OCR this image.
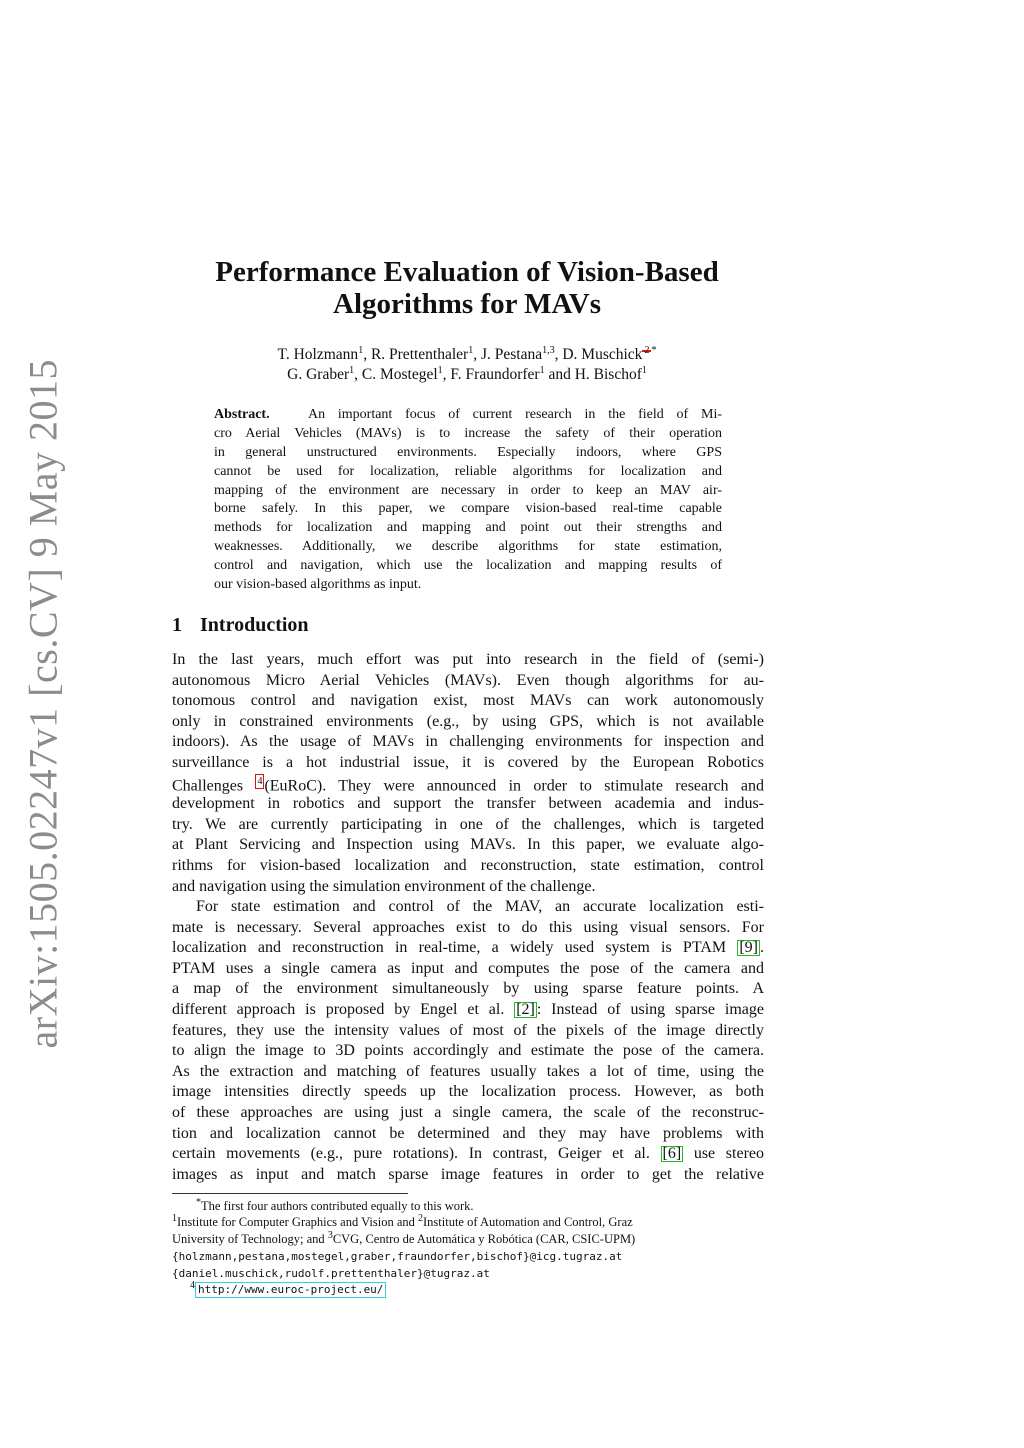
arXiv:1505.02247v1 [cs.CV] 9 May 2015
Performance Evaluation of Vision-Based
Algorithms for MAVs
T. Holzmann$^1$, R. Prettenthaler$^1$, J. Pestana$^{1,3}$, D. Muschick $^2$ *
G. Graber$^1$, C. Mostegel$^1$, F. Fraundorfer$^1$ and H. Bischof$^1$
Abstract.	An important focus of current research in the field of Mi-
cro Aerial Vehicles (MAVs) is to increase the safety of their operation
in general unstructured environments. Especially indoors, where GPS
cannot be used for localization, reliable algorithms for localization and
mapping of the environment are necessary in order to keep an MAV air-
borne safely. In this paper, we compare vision-based real-time capable
methods for localization and mapping and point out their strengths and
weaknesses. Additionally, we describe algorithms for state estimation,
control and navigation, which use the localization and mapping results of
our vision-based algorithms as input.
1 Introduction
In the last years, much effort was put into research in the field of (semi-)
autonomous Micro Aerial Vehicles (MAVs). Even though algorithms for au-
tonomous control and navigation exist, most MAVs can work autonomously
only in constrained environments (e.g., by using GPS, which is not available
indoors). As the usage of MAVs in challenging environments for inspection and
surveillance is a hot industrial issue, it is covered by the European Robotics
Challenges $^4$ (EuRoC). They were announced in order to stimulate research and
development in robotics and support the transfer between academia and indus-
try. We are currently participating in one of the challenges, which is targeted
at Plant Servicing and Inspection using MAVs. In this paper, we evaluate algo-
rithms for vision-based localization and reconstruction, state estimation, control
and navigation using the simulation environment of the challenge.
For state estimation and control of the MAV, an accurate localization esti-
mate is necessary. Several approaches exist to do this using visual sensors. For
localization and reconstruction in real-time, a widely used system is PTAM [9] .
PTAM uses a single camera as input and computes the pose of the camera and
a map of the environment simultaneously by using sparse feature points. A
different approach is proposed by Engel et al. [2] : Instead of using sparse image
features, they use the intensity values of most of the pixels of the image directly
to align the image to 3D points accordingly and estimate the pose of the camera.
As the extraction and matching of features usually takes a lot of time, using the
image intensities directly speeds up the localization process. However, as both
of these approaches are using just a single camera, the scale of the reconstruc-
tion and localization cannot be determined and they may have problems with
certain movements (e.g., pure rotations). In contrast, Geiger et al. [6] use stereo
images as input and match sparse image features in order to get the relative
*The first four authors contributed equally to this work.
$^1$Institute for Computer Graphics and Vision and $^2$Institute of Automation and Control, Graz
University of Technology; and $^3$CVG, Centro de Automática y Robótica (CAR, CSIC-UPM)
{holzmann,pestana,mostegel,graber,fraundorfer,bischof}@icg.tugraz.at
{daniel.muschick,rudolf.prettenthaler}@tugraz.at
$^4$ http://www.euroc-project.eu/
